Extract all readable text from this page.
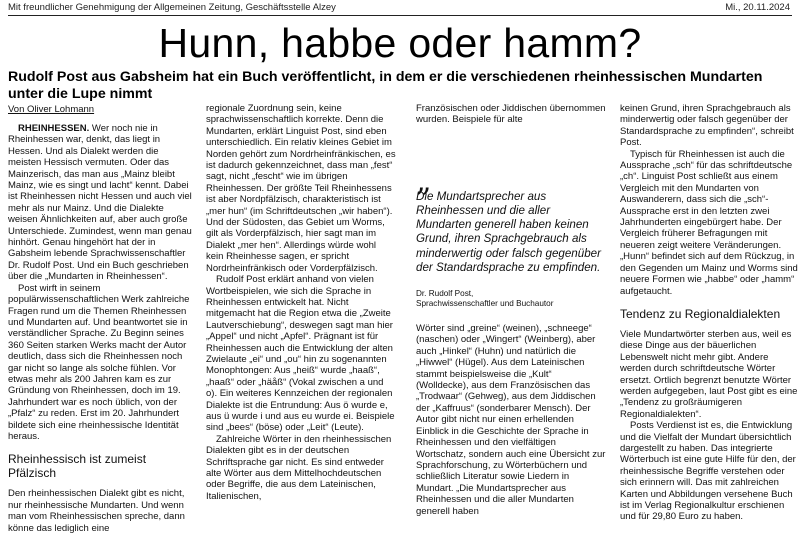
Mit freundlicher Genehmigung der Allgemeinen Zeitung, Geschäftsstelle Alzey	Mi., 20.11.2024
Hunn, habbe oder hamm?
Rudolf Post aus Gabsheim hat ein Buch veröffentlicht, in dem er die verschiedenen rheinhessischen Mundarten unter die Lupe nimmt
Von Oliver Lohmann

RHEINHESSEN. Wer noch nie in Rheinhessen war, denkt, das liegt in Hessen. Und als Dialekt werden die meisten Hessisch vermuten. Oder das Mainzerisch, das man aus „Mainz bleibt Mainz, wie es singt und lacht“ kennt. Dabei ist Rheinhessen nicht Hessen und auch viel mehr als nur Mainz. Und die Dialekte weisen Ähnlichkeiten auf, aber auch große Unterschiede. Zumindest, wenn man genau hinhört. Genau hingehört hat der in Gabsheim lebende Sprachwissenschaftler Dr. Rudolf Post. Und ein Buch geschrieben über die „Mundarten in Rheinhessen“.

Post wirft in seinem populärwissenschaftlichen Werk zahlreiche Fragen rund um die Themen Rheinhessen und Mundarten auf. Und beantwortet sie in verständlicher Sprache. Zu Beginn seines 360 Seiten starken Werks macht der Autor deutlich, dass sich die Rheinhessen noch gar nicht so lange als solche fühlen. Vor etwas mehr als 200 Jahren kam es zur Gründung von Rheinhessen, doch im 19. Jahrhundert war es noch üblich, von der „Pfalz“ zu reden. Erst im 20. Jahrhundert bildete sich eine rheinhessische Identität heraus.

Rheinhessisch ist zumeist Pfälzisch

Den rheinhessischen Dialekt gibt es nicht, nur rheinhessische Mundarten. Und wenn man vom Rheinhessischen spreche, dann könne das lediglich eine

regionale Zuordnung sein, keine sprachwissenschaftlich korrekte. Denn die Mundarten, erklärt Linguist Post, sind eben unterschiedlich. Ein relativ kleines Gebiet im Norden gehört zum Nordrheinfränkischen, es ist dadurch gekennzeichnet, dass man „fest“ sagt, nicht „fescht“ wie im übrigen Rheinhessen. Der größte Teil Rheinhessens ist aber Nordpfälzisch, charakteristisch ist „mer hun“ (im Schriftdeutschen „wir haben“). Und der Südosten, das Gebiet um Worms, gilt als Vorderpfälzisch, hier sagt man im Dialekt „mer hen“. Allerdings würde wohl kein Rheinhesse sagen, er spricht Nordrheinfränkisch oder Vorderpfälzisch.

Rudolf Post erklärt anhand von vielen Wortbeispielen, wie sich die Sprache in Rheinhessen entwickelt hat. Nicht mitgemacht hat die Region etwa die „Zweite Lautverschiebung“, deswegen sagt man hier „Appel“ und nicht „Apfel“. Prägnant ist für Rheinhessen auch die Entwicklung der alten Zwielaute „ei“ und „ou“ hin zu sogenannten Monophtongen: Aus „heiß“ wurde „haaß“, „haaß“ oder „häåß“ (Vokal zwischen a und o). Ein weiteres Kennzeichen der regionalen Dialekte ist die Entrundung: Aus ö wurde e, aus ü wurde i und aus eu wurde ei. Beispiele sind „bees“ (böse) oder „Leit“ (Leute).

Zahlreiche Wörter in den rheinhessischen Dialekten gibt es in der deutschen Schriftsprache gar nicht. Es sind entweder alte Wörter aus dem Mittelhochdeutschen oder Begriffe, die aus dem Lateinischen, Italienischen,

Französischen oder Jiddischen übernommen wurden. Beispiele für alte

„
Die Mundartsprecher aus Rheinhessen und die aller Mundarten generell haben keinen Grund, ihren Sprachgebrauch als minderwertig oder falsch gegenüber der Standardsprache zu empfinden.
Dr. Rudolf Post,
Sprachwissenschaftler und Buchautor

Wörter sind „greine“ (weinen), „schneege“ (naschen) oder „Wingert“ (Weinberg), aber auch „Hinkel“ (Huhn) und natürlich die „Hiwwel“ (Hügel). Aus dem Lateinischen stammt beispielsweise die „Kult“ (Wolldecke), aus dem Französischen das „Trodwaar“ (Gehweg), aus dem Jiddischen der „Kaffruus“ (sonderbarer Mensch). Der Autor gibt nicht nur einen erhellenden Einblick in die Geschichte der Sprache in Rheinhessen und den vielfältigen Wortschatz, sondern auch eine Übersicht zur Sprachforschung, zu Wörterbüchern und schließlich Literatur sowie Liedern in Mundart. „Die Mundartsprecher aus Rheinhessen und die aller Mundarten generell haben

keinen Grund, ihren Sprachgebrauch als minderwertig oder falsch gegenüber der Standardsprache zu empfinden“, schreibt Post.

Typisch für Rheinhessen ist auch die Aussprache „sch“ für das schriftdeutsche „ch“. Linguist Post schließt aus einem Vergleich mit den Mundarten von Auswanderern, dass sich die „sch“-Aussprache erst in den letzten zwei Jahrhunderten eingebürgert habe. Der Vergleich früherer Befragungen mit neueren zeigt weitere Veränderungen. „Hunn“ befindet sich auf dem Rückzug, in den Gegenden um Mainz und Worms sind neuere Formen wie „habbe“ oder „hamm“ aufgetaucht.

Tendenz zu Regionaldialekten

Viele Mundartwörter sterben aus, weil es diese Dinge aus der bäuerlichen Lebenswelt nicht mehr gibt. Andere werden durch schriftdeutsche Wörter ersetzt. Ortlich begrenzt benutzte Wörter werden aufgegeben, laut Post gibt es eine „Tendenz zu großräumigeren Regionaldialekten“.

Posts Verdienst ist es, die Entwicklung und die Vielfalt der Mundart übersichtlich dargestellt zu haben. Das integrierte Wörterbuch ist eine gute Hilfe für den, der rheinhessische Begriffe verstehen oder sich erinnern will. Das mit zahlreichen Karten und Abbildungen versehene Buch ist im Verlag Regionalkultur erschienen und für 29,80 Euro zu haben.
